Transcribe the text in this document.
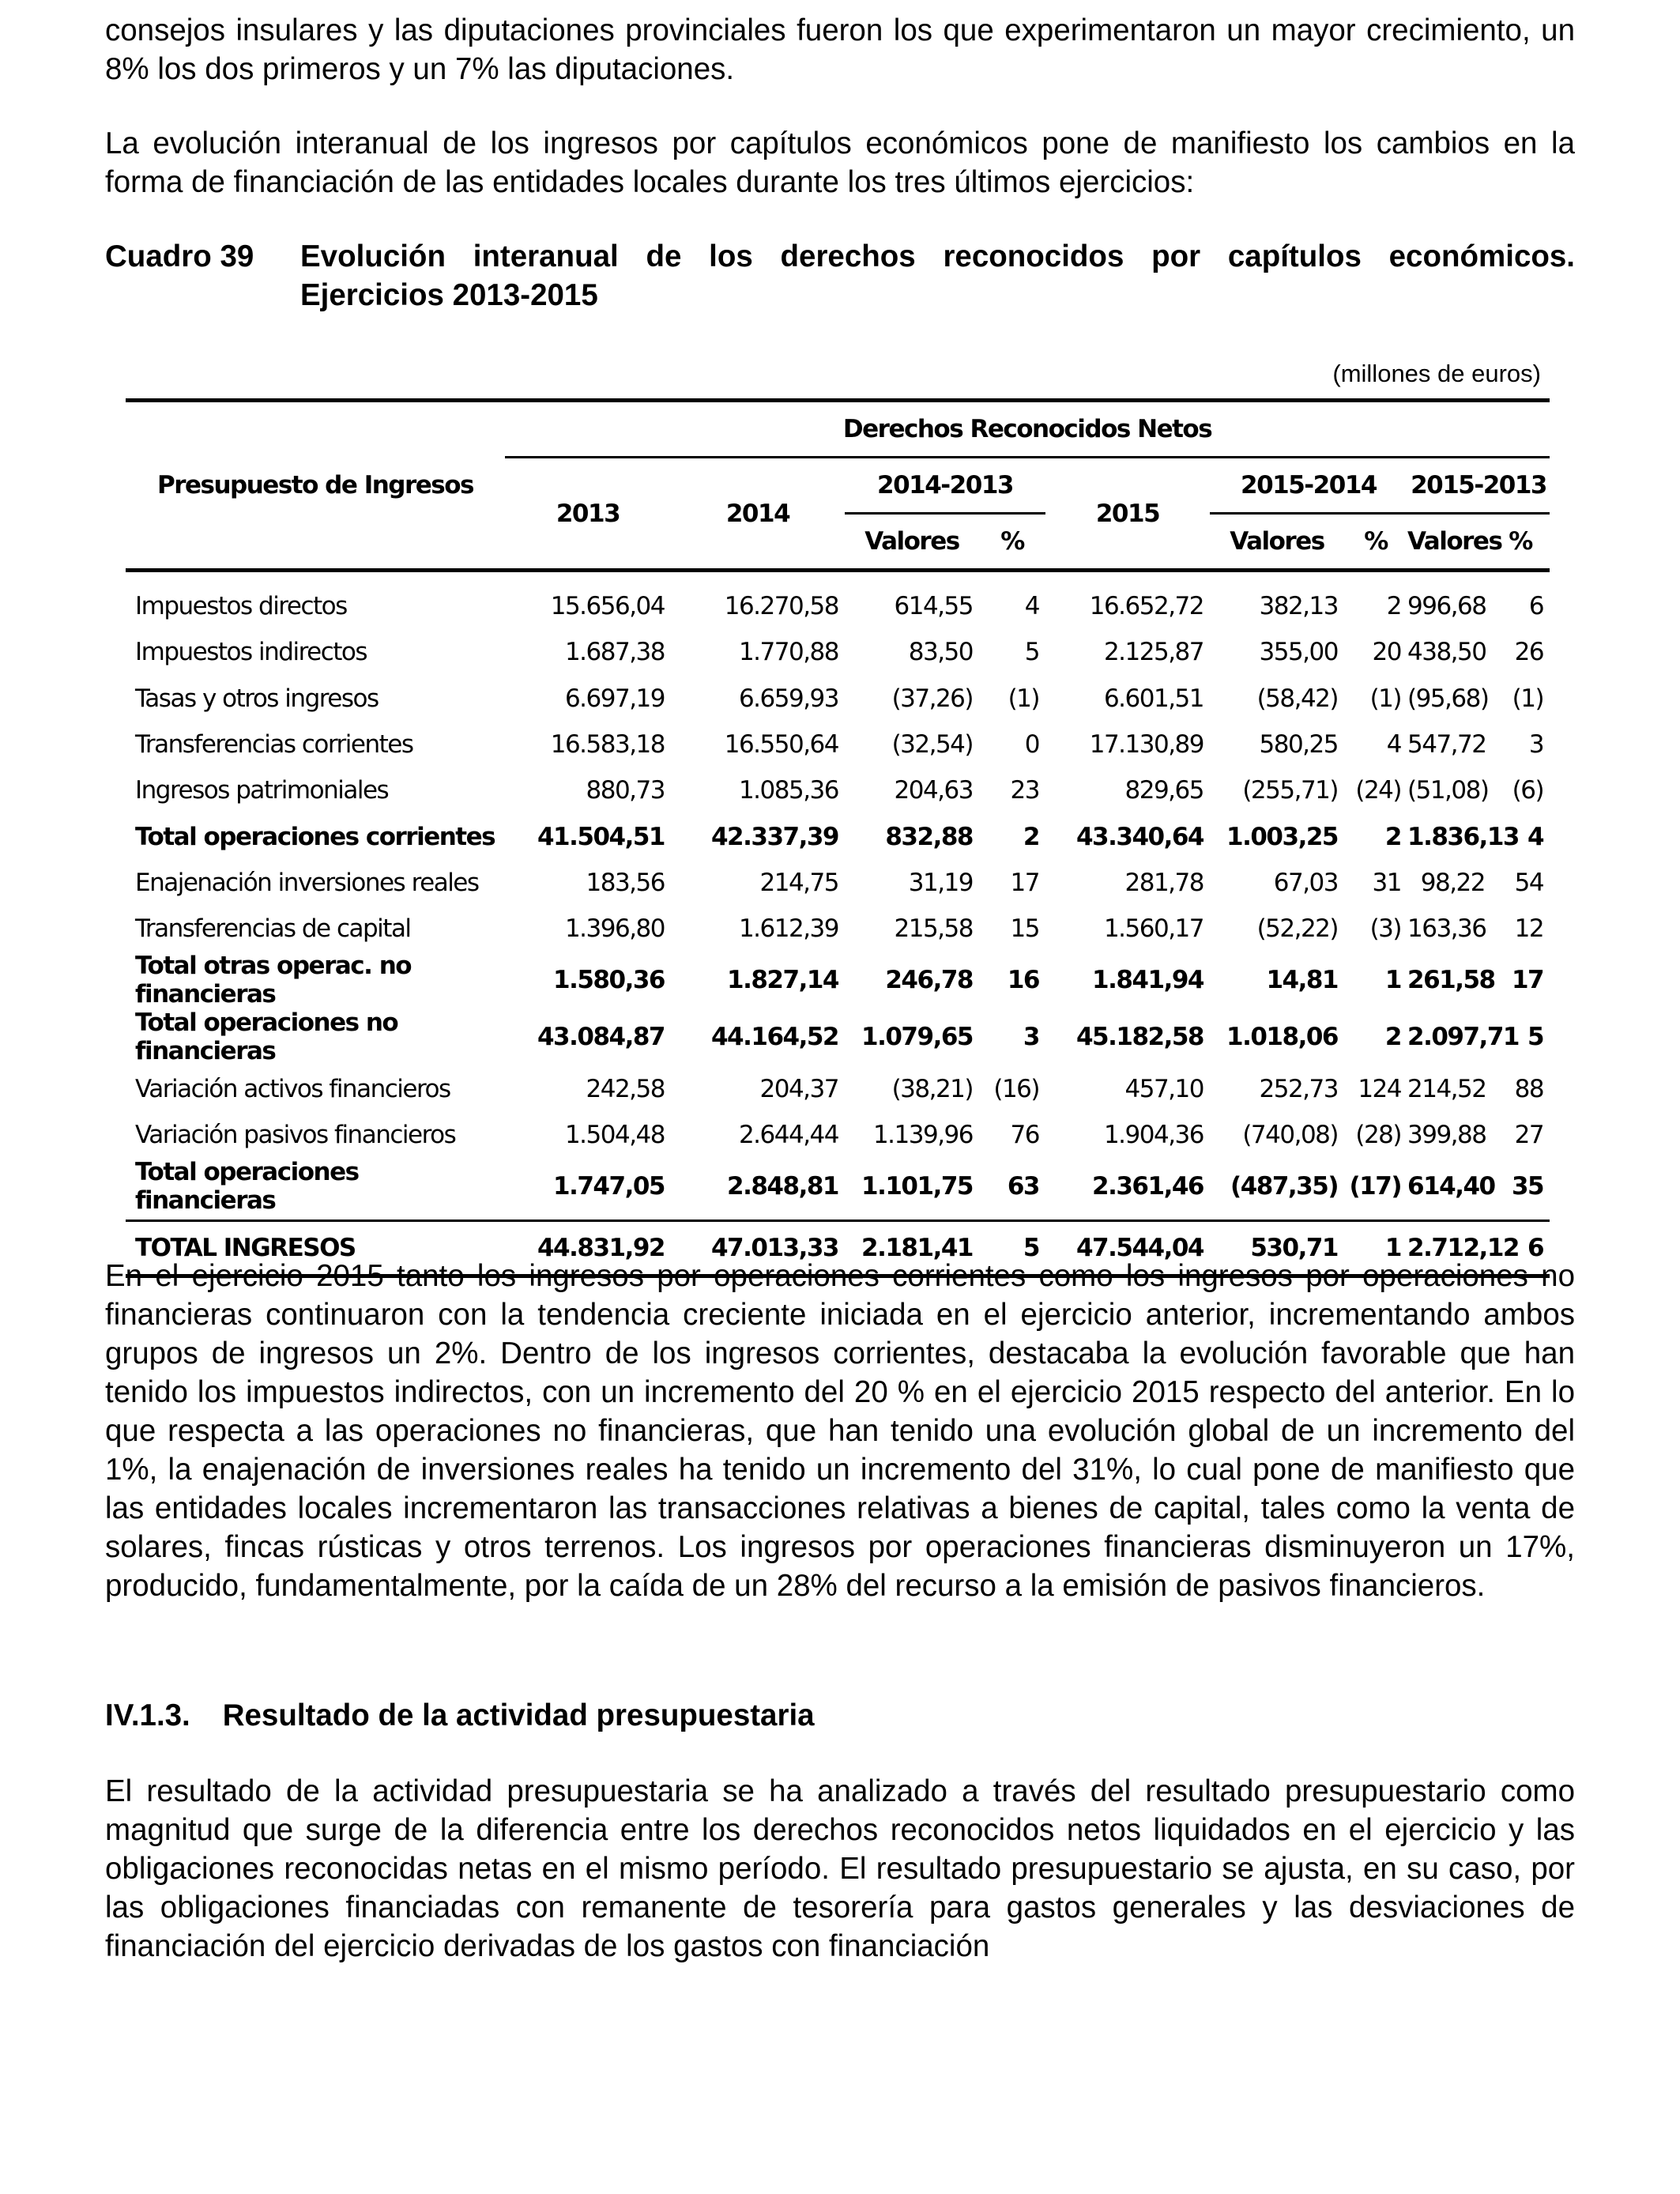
consejos insulares y las diputaciones provinciales fueron los que experimentaron un mayor crecimiento, un 8% los dos primeros y un 7% las diputaciones.

La evolución interanual de los ingresos por capítulos económicos pone de manifiesto los cambios en la forma de financiación de las entidades locales durante los tres últimos ejercicios:

Cuadro 39	Evolución interanual de los derechos reconocidos por capítulos económicos. Ejercicios 2013-2015
(millones de euros)
Presupuesto de Ingresos	Derechos Reconocidos Netos								
	2013	2014	2014-2013		2015	2015-2014		2015-2013	
			Valores	%		Valores	%	Valores	%

Impuestos directos	15.656,04	16.270,58	614,55	4	16.652,72	382,13	2	996,68	6
Impuestos indirectos	1.687,38	1.770,88	83,50	5	2.125,87	355,00	20	438,50	26
Tasas y otros ingresos	6.697,19	6.659,93	(37,26)	(1)	6.601,51	(58,42)	(1)	(95,68)	(1)
Transferencias corrientes	16.583,18	16.550,64	(32,54)	0	17.130,89	580,25	4	547,72	3
Ingresos patrimoniales	880,73	1.085,36	204,63	23	829,65	(255,71)	(24)	(51,08)	(6)
Total operaciones corrientes	41.504,51	42.337,39	832,88	2	43.340,64	1.003,25	2	1.836,13	4
Enajenación inversiones reales	183,56	214,75	31,19	17	281,78	67,03	31	98,22	54
Transferencias de capital	1.396,80	1.612,39	215,58	15	1.560,17	(52,22)	(3)	163,36	12
Total otras operac. no financieras	1.580,36	1.827,14	246,78	16	1.841,94	14,81	1	261,58	17
Total operaciones no financieras	43.084,87	44.164,52	1.079,65	3	45.182,58	1.018,06	2	2.097,71	5
Variación activos financieros	242,58	204,37	(38,21)	(16)	457,10	252,73	124	214,52	88
Variación pasivos financieros	1.504,48	2.644,44	1.139,96	76	1.904,36	(740,08)	(28)	399,88	27
Total operaciones financieras	1.747,05	2.848,81	1.101,75	63	2.361,46	(487,35)	(17)	614,40	35

TOTAL INGRESOS	44.831,92	47.013,33	2.181,41	5	47.544,04	530,71	1	2.712,12	6

En el ejercicio 2015 tanto los ingresos por operaciones corrientes como los ingresos por operaciones no financieras continuaron con la tendencia creciente iniciada en el ejercicio anterior, incrementando ambos grupos de ingresos un 2%. Dentro de los ingresos corrientes, destacaba la evolución favorable que han tenido los impuestos indirectos, con un incremento del 20 % en el ejercicio 2015 respecto del anterior. En lo que respecta a las operaciones no financieras, que han tenido una evolución global de un incremento del 1%, la enajenación de inversiones reales ha tenido un incremento del 31%, lo cual pone de manifiesto que las entidades locales incrementaron las transacciones relativas a bienes de capital, tales como la venta de solares, fincas rústicas y otros terrenos. Los ingresos por operaciones financieras disminuyeron un 17%, producido, fundamentalmente, por la caída de un 28% del recurso a la emisión de pasivos financieros.

IV.1.3. Resultado de la actividad presupuestaria

El resultado de la actividad presupuestaria se ha analizado a través del resultado presupuestario como magnitud que surge de la diferencia entre los derechos reconocidos netos liquidados en el ejercicio y las obligaciones reconocidas netas en el mismo período. El resultado presupuestario se ajusta, en su caso, por las obligaciones financiadas con remanente de tesorería para gastos generales y las desviaciones de financiación del ejercicio derivadas de los gastos con financiación
